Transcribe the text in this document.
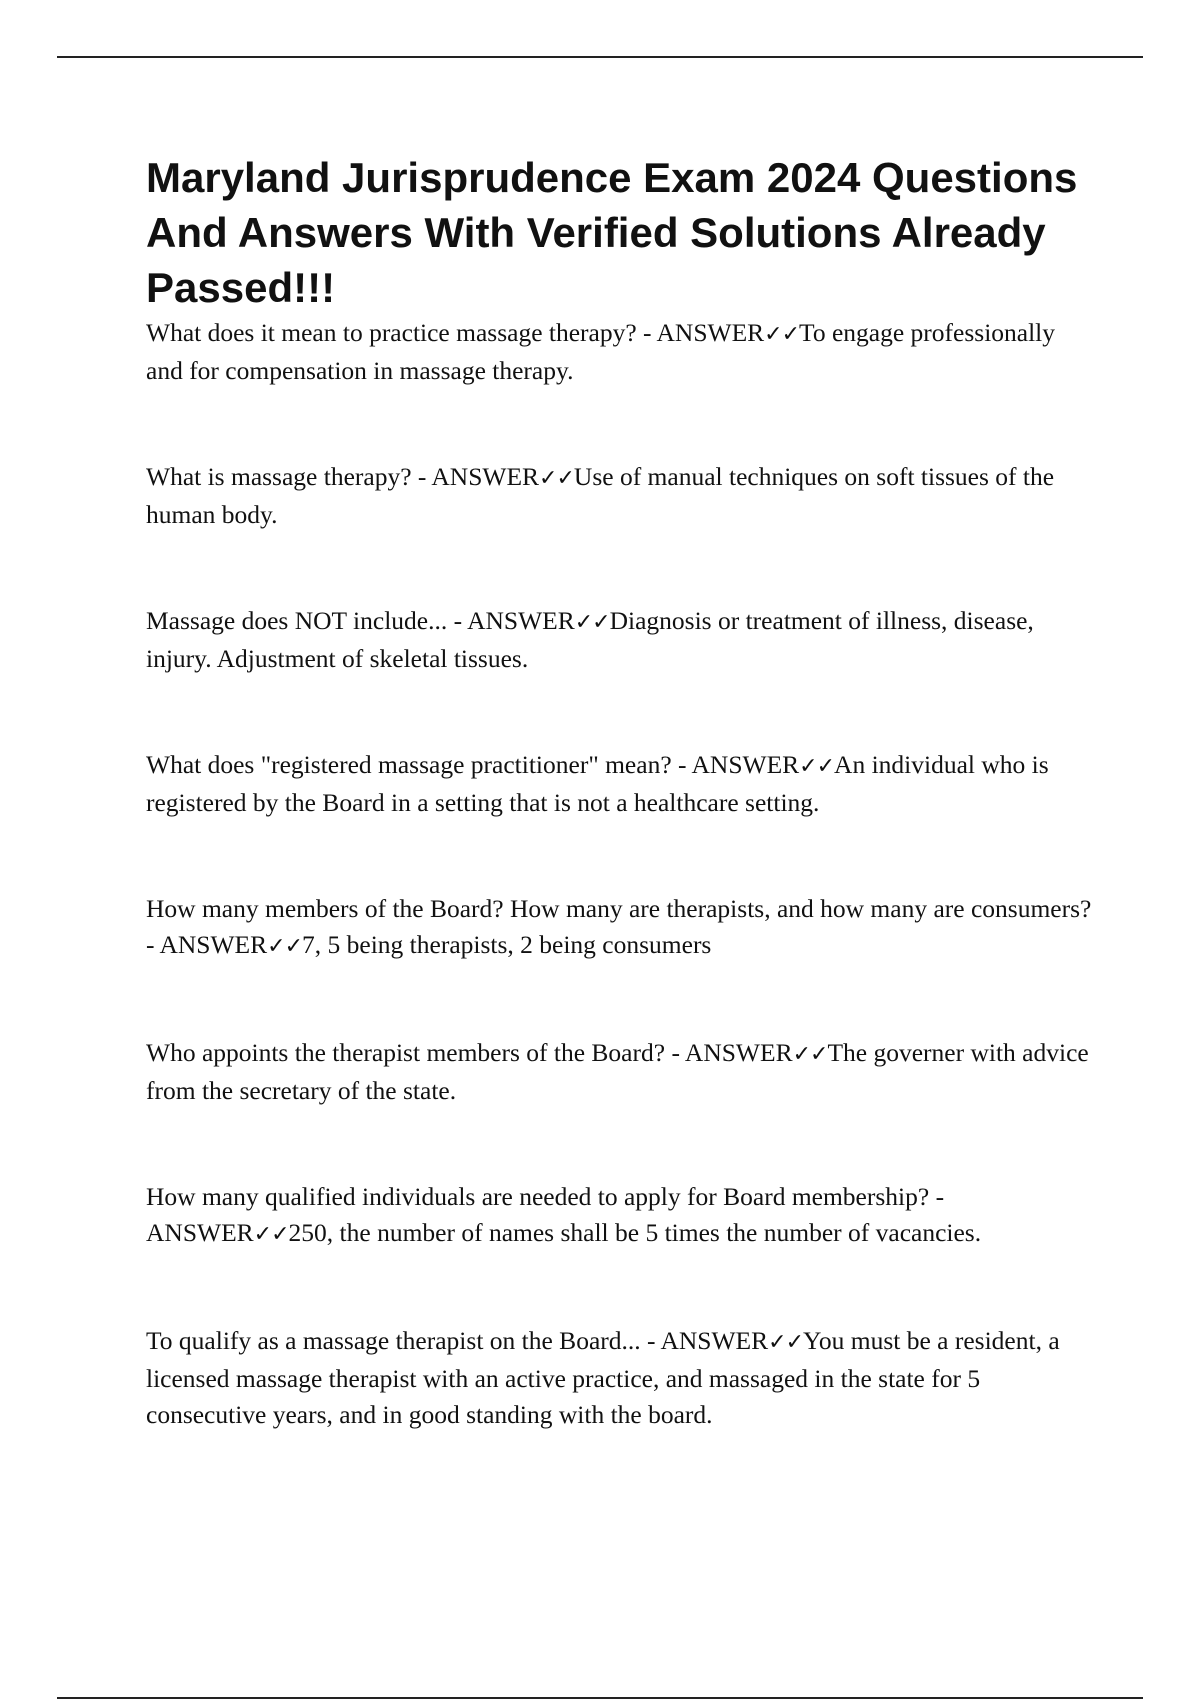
Maryland Jurisprudence Exam 2024 Questions And Answers With Verified Solutions Already Passed!!!

What does it mean to practice massage therapy? - ANSWER✓✓To engage professionally and for compensation in massage therapy.

What is massage therapy? - ANSWER✓✓Use of manual techniques on soft tissues of the human body.

Massage does NOT include... - ANSWER✓✓Diagnosis or treatment of illness, disease, injury. Adjustment of skeletal tissues.

What does "registered massage practitioner" mean? - ANSWER✓✓An individual who is registered by the Board in a setting that is not a healthcare setting.

How many members of the Board? How many are therapists, and how many are consumers? - ANSWER✓✓7, 5 being therapists, 2 being consumers

Who appoints the therapist members of the Board? - ANSWER✓✓The governer with advice from the secretary of the state.

How many qualified individuals are needed to apply for Board membership? - ANSWER✓✓250, the number of names shall be 5 times the number of vacancies.

To qualify as a massage therapist on the Board... - ANSWER✓✓You must be a resident, a licensed massage therapist with an active practice, and massaged in the state for 5 consecutive years, and in good standing with the board.
